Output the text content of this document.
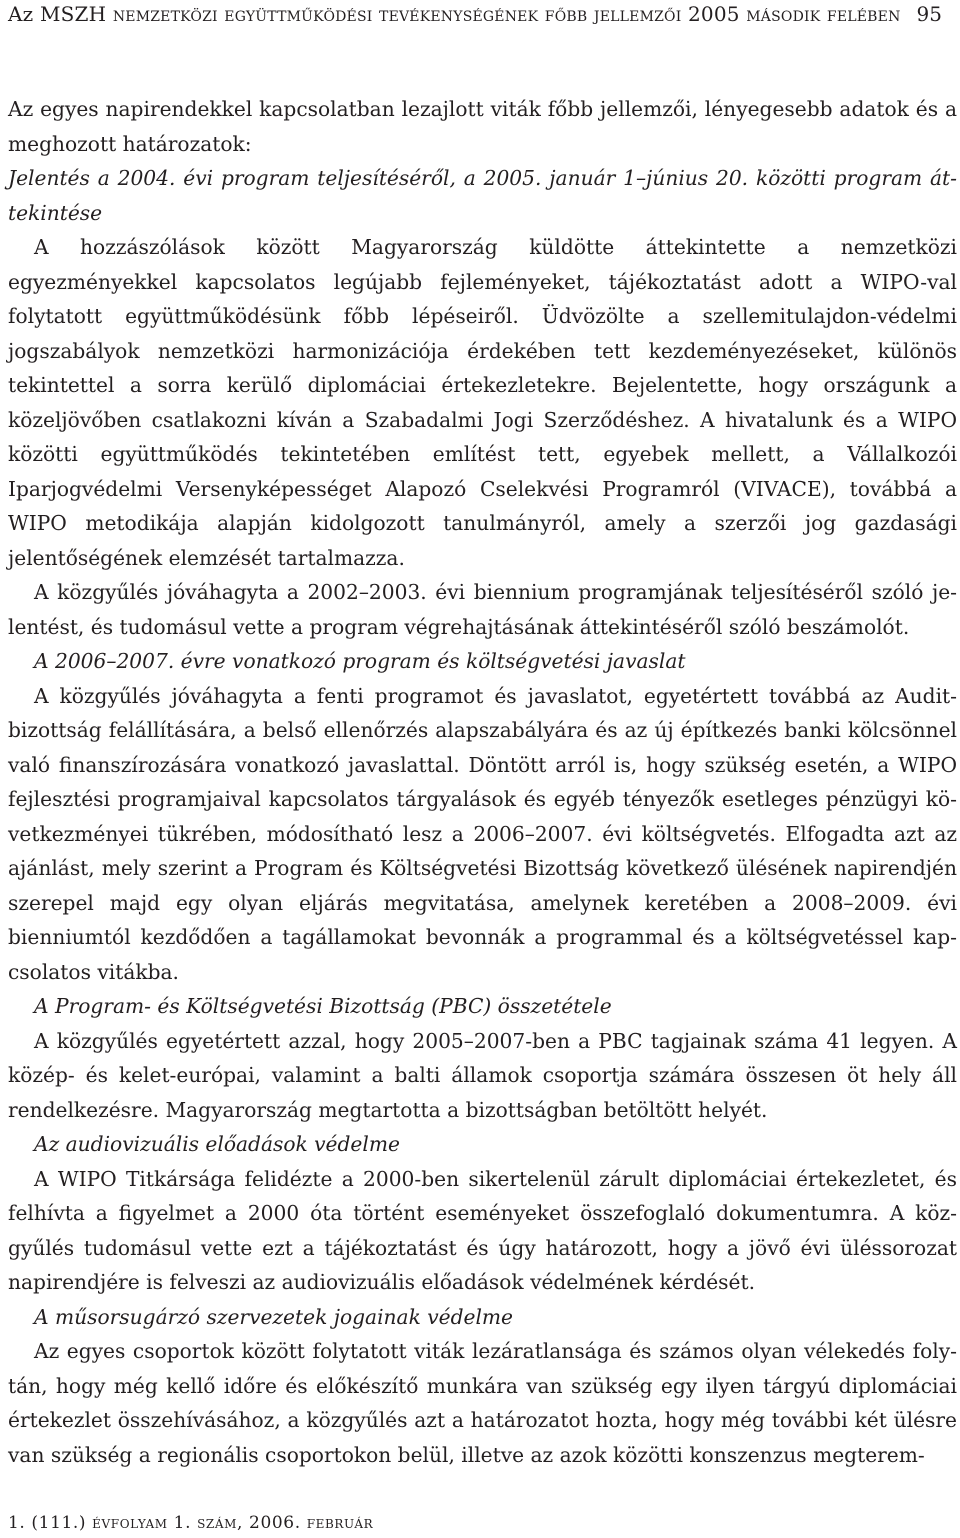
Az MSZH nemzetközi együttműködési tevékenységének főbb jellemzői 2005 második felében 95

Az egyes napirendekkel kapcsolatban lezajlott viták főbb jellemzői, lényegesebb adatok és a meghozott határozatok:

Jelentés a 2004. évi program teljesítéséről, a 2005. január 1–június 20. közötti program áttekintése

A hozzászólások között Magyarország küldötte áttekintette a nemzetközi egyezményekkel kapcsolatos legújabb fejleményeket, tájékoztatást adott a WIPO-val folytatott együttműködésünk főbb lépéseiről. Üdvözölte a szellemitulajdon-védelmi jogszabályok nemzetközi harmonizációja érdekében tett kezdeményezéseket, különös tekintettel a sorra kerülő diplomáciai értekezletekre. Bejelentette, hogy országunk a közeljövőben csatlakozni kíván a Szabadalmi Jogi Szerződéshez. A hivatalunk és a WIPO közötti együttműködés tekintetében említést tett, egyebek mellett, a Vállalkozói Iparjogvédelmi Versenyképességet Alapozó Cselekvési Programról (VIVACE), továbbá a WIPO metodikája alapján kidolgozott tanulmányról, amely a szerzői jog gazdasági jelentőségének elemzését tartalmazza.

A közgyűlés jóváhagyta a 2002–2003. évi biennium programjának teljesítéséről szóló jelentést, és tudomásul vette a program végrehajtásának áttekintéséről szóló beszámolót.

A 2006–2007. évre vonatkozó program és költségvetési javaslat

A közgyűlés jóváhagyta a fenti programot és javaslatot, egyetértett továbbá az Auditbizottság felállítására, a belső ellenőrzés alapszabályára és az új építkezés banki kölcsönnel való finanszírozására vonatkozó javaslattal. Döntött arról is, hogy szükség esetén, a WIPO fejlesztési programjaival kapcsolatos tárgyalások és egyéb tényezők esetleges pénzügyi következményei tükrében, módosítható lesz a 2006–2007. évi költségvetés. Elfogadta azt az ajánlást, mely szerint a Program és Költségvetési Bizottság következő ülésének napirendjén szerepel majd egy olyan eljárás megvitatása, amelynek keretében a 2008–2009. évi bienniumtól kezdődően a tagállamokat bevonnák a programmal és a költségvetéssel kapcsolatos vitákba.

A Program- és Költségvetési Bizottság (PBC) összetétele

A közgyűlés egyetértett azzal, hogy 2005–2007-ben a PBC tagjainak száma 41 legyen. A közép- és kelet-európai, valamint a balti államok csoportja számára összesen öt hely áll rendelkezésre. Magyarország megtartotta a bizottságban betöltött helyét.

Az audiovizuális előadások védelme

A WIPO Titkársága felidézte a 2000-ben sikertelenül zárult diplomáciai értekezletet, és felhívta a figyelmet a 2000 óta történt eseményeket összefoglaló dokumentumra. A közgyűlés tudomásul vette ezt a tájékoztatást és úgy határozott, hogy a jövő évi üléssorozat napirendjére is felveszi az audiovizuális előadások védelmének kérdését.

A műsorsugárzó szervezetek jogainak védelme

Az egyes csoportok között folytatott viták lezáratlansága és számos olyan vélekedés folytán, hogy még kellő időre és előkészítő munkára van szükség egy ilyen tárgyú diplomáciai értekezlet összehívásához, a közgyűlés azt a határozatot hozta, hogy még további két ülésre van szükség a regionális csoportokon belül, illetve az azok közötti konszenzus megterem-

1. (111.) évfolyam 1. szám, 2006. február
